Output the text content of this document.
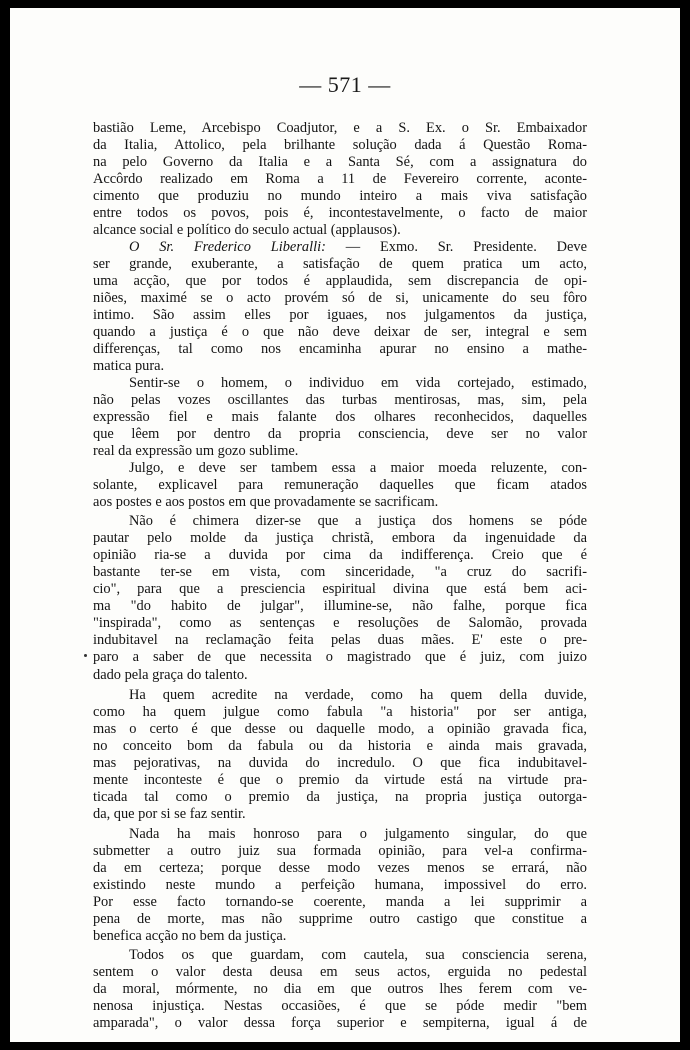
— 571 —
bastião Leme, Arcebispo Coadjutor, e a S. Ex. o Sr. Embaixador
da Italia, Attolico, pela brilhante solução dada á Questão Roma-
na pelo Governo da Italia e a Santa Sé, com a assignatura do
Accôrdo realizado em Roma a 11 de Fevereiro corrente, aconte-
cimento que produziu no mundo inteiro a mais viva satisfação
entre todos os povos, pois é, incontestavelmente, o facto de maior
alcance social e político do seculo actual (applausos).
O Sr. Frederico Liberalli: — Exmo. Sr. Presidente. Deve
ser grande, exuberante, a satisfação de quem pratica um acto,
uma acção, que por todos é applaudida, sem discrepancia de opi-
niões, maximé se o acto provém só de si, unicamente do seu fôro
intimo. São assim elles por iguaes, nos julgamentos da justiça,
quando a justiça é o que não deve deixar de ser, integral e sem
differenças, tal como nos encaminha apurar no ensino a mathe-
matica pura.
Sentir-se o homem, o individuo em vida cortejado, estimado,
não pelas vozes oscillantes das turbas mentirosas, mas, sim, pela
expressão fiel e mais falante dos olhares reconhecidos, daquelles
que lêem por dentro da propria consciencia, deve ser no valor
real da expressão um gozo sublime.
Julgo, e deve ser tambem essa a maior moeda reluzente, con-
solante, explicavel para remuneração daquelles que ficam atados
aos postes e aos postos em que provadamente se sacrificam.
Não é chimera dizer-se que a justiça dos homens se póde
pautar pelo molde da justiça christã, embora da ingenuidade da
opinião ria-se a duvida por cima da indifferença. Creio que é
bastante ter-se em vista, com sinceridade, "a cruz do sacrifi-
cio", para que a presciencia espiritual divina que está bem aci-
ma "do habito de julgar", illumine-se, não falhe, porque fica
"inspirada", como as sentenças e resoluções de Salomão, provada
indubitavel na reclamação feita pelas duas mães. E' este o pre-
paro a saber de que necessita o magistrado que é juiz, com juizo
dado pela graça do talento.
Ha quem acredite na verdade, como ha quem della duvide,
como ha quem julgue como fabula "a historia" por ser antiga,
mas o certo é que desse ou daquelle modo, a opinião gravada fica,
no conceito bom da fabula ou da historia e ainda mais gravada,
mas pejorativas, na duvida do incredulo. O que fica indubitavel-
mente inconteste é que o premio da virtude está na virtude pra-
ticada tal como o premio da justiça, na propria justiça outorga-
da, que por si se faz sentir.
Nada ha mais honroso para o julgamento singular, do que
submetter a outro juiz sua formada opinião, para vel-a confirma-
da em certeza; porque desse modo vezes menos se errará, não
existindo neste mundo a perfeição humana, impossivel do erro.
Por esse facto tornando-se coerente, manda a lei supprimir a
pena de morte, mas não supprime outro castigo que constitue a
benefica acção no bem da justiça.
Todos os que guardam, com cautela, sua consciencia serena,
sentem o valor desta deusa em seus actos, erguida no pedestal
da moral, mórmente, no dia em que outros lhes ferem com ve-
nenosa injustiça. Nestas occasiões, é que se póde medir "bem
amparada", o valor dessa força superior e sempiterna, igual á de
